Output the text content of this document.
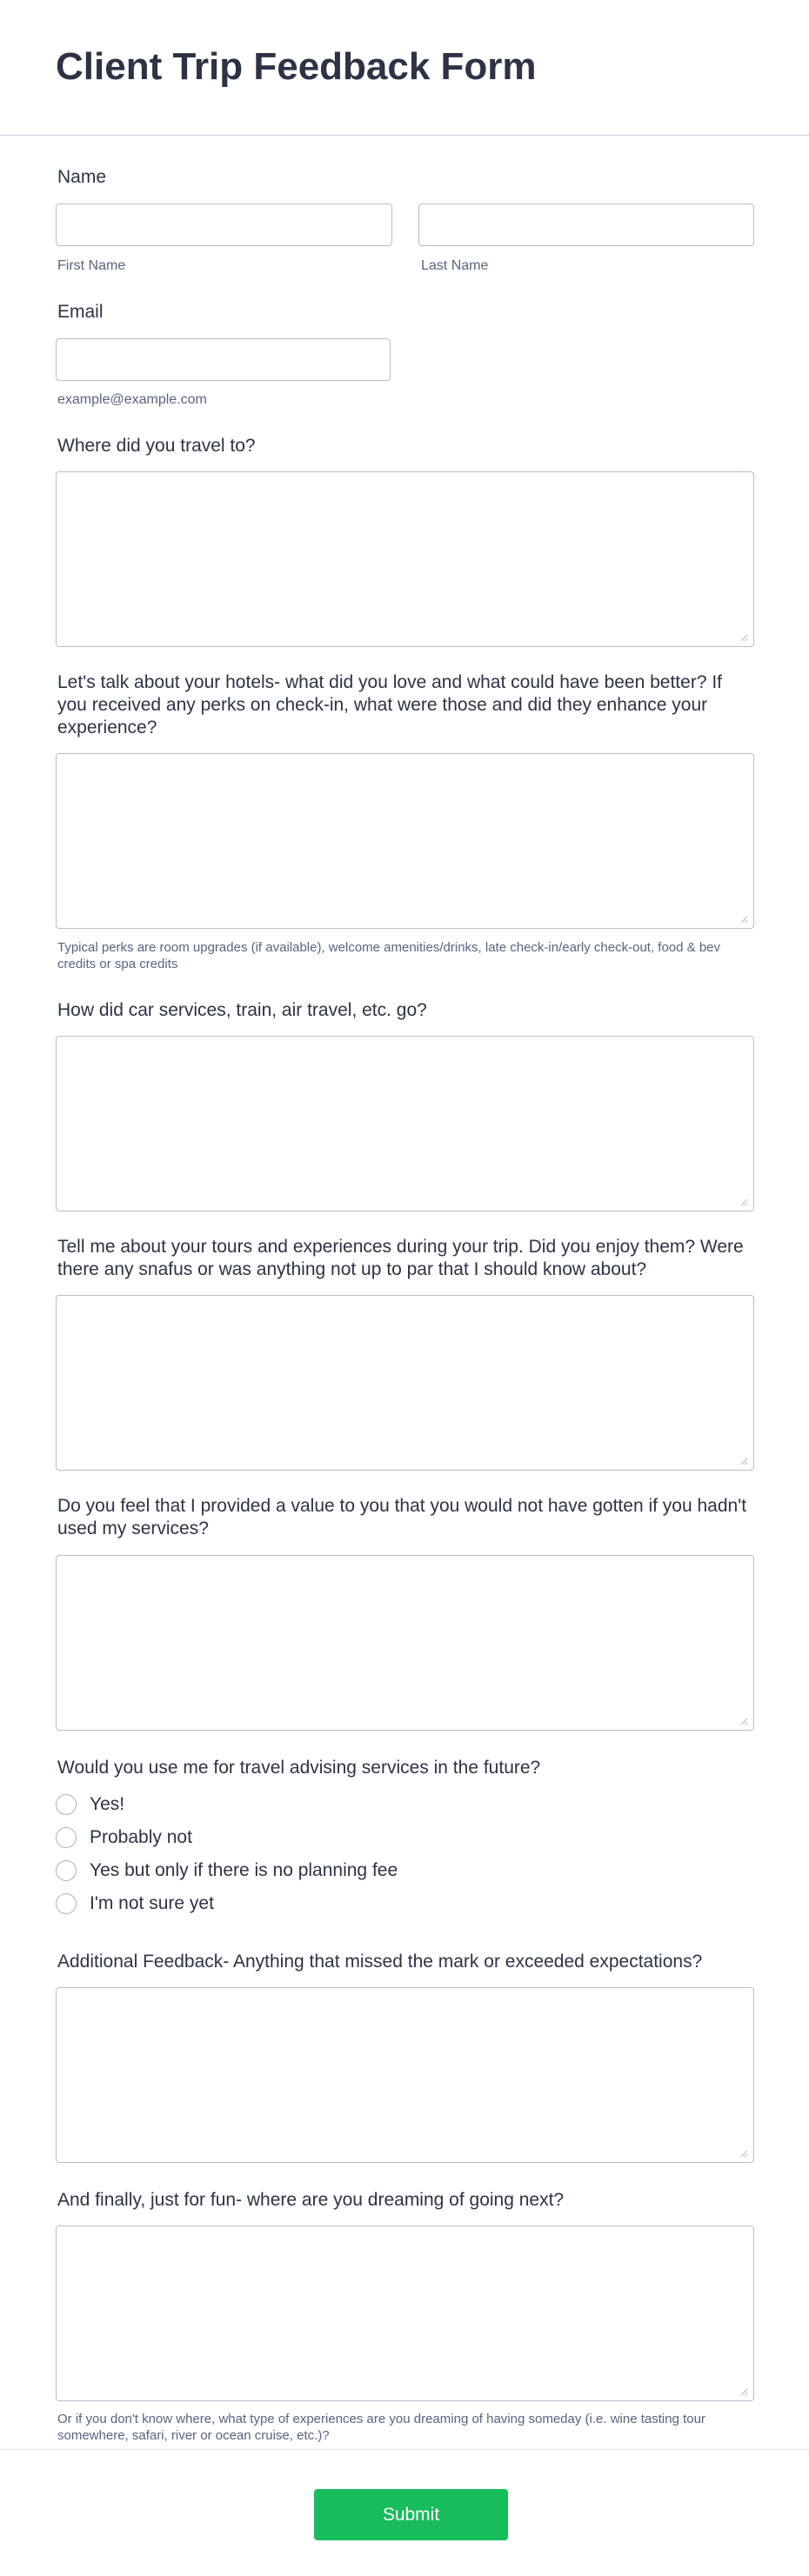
Client Trip Feedback Form
Name
First Name	Last Name
Email
example@example.com
Where did you travel to?
Let's talk about your hotels- what did you love and what could have been better? If you received any perks on check-in, what were those and did they enhance your experience?
Typical perks are room upgrades (if available), welcome amenities/drinks, late check-in/early check-out, food & bev credits or spa credits
How did car services, train, air travel, etc. go?
Tell me about your tours and experiences during your trip. Did you enjoy them? Were there any snafus or was anything not up to par that I should know about?
Do you feel that I provided a value to you that you would not have gotten if you hadn't used my services?
Would you use me for travel advising services in the future?
Yes!
Probably not
Yes but only if there is no planning fee
I'm not sure yet
Additional Feedback- Anything that missed the mark or exceeded expectations?
And finally, just for fun- where are you dreaming of going next?
Or if you don't know where, what type of experiences are you dreaming of having someday (i.e. wine tasting tour somewhere, safari, river or ocean cruise, etc.)?
Submit
